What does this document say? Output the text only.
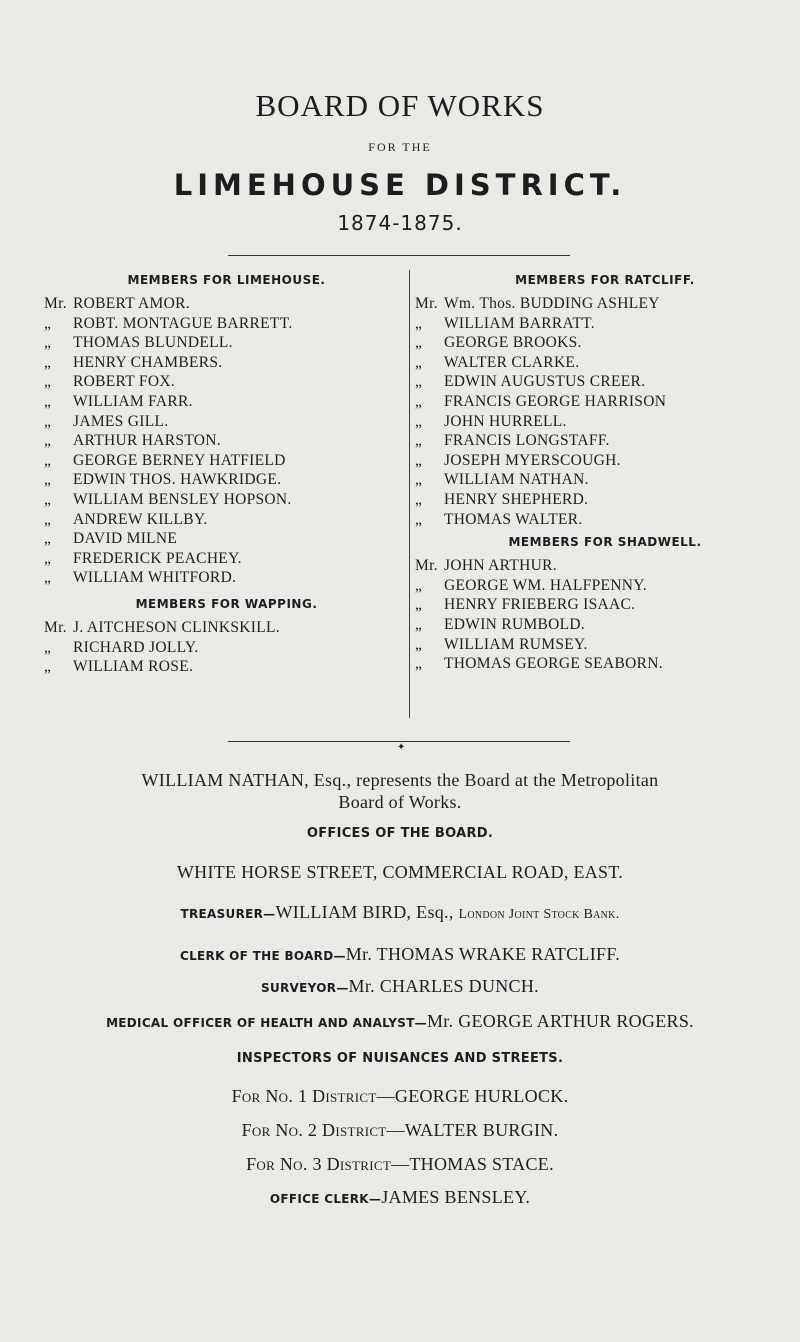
BOARD OF WORKS
FOR THE
LIMEHOUSE DISTRICT.
1874-1875.
MEMBERS FOR LIMEHOUSE.
Mr. ROBERT AMOR.
„ ROBT. MONTAGUE BARRETT.
„ THOMAS BLUNDELL.
„ HENRY CHAMBERS.
„ ROBERT FOX.
„ WILLIAM FARR.
„ JAMES GILL.
„ ARTHUR HARSTON.
„ GEORGE BERNEY HATFIELD
„ EDWIN THOS. HAWKRIDGE.
„ WILLIAM BENSLEY HOPSON.
„ ANDREW KILLBY.
„ DAVID MILNE
„ FREDERICK PEACHEY.
„ WILLIAM WHITFORD.
MEMBERS FOR WAPPING.
Mr. J. AITCHESON CLINKSKILL.
„ RICHARD JOLLY.
„ WILLIAM ROSE.
MEMBERS FOR RATCLIFF.
Mr. Wm. Thos. BUDDING ASHLEY
„ WILLIAM BARRATT.
„ GEORGE BROOKS.
„ WALTER CLARKE.
„ EDWIN AUGUSTUS CREER.
„ FRANCIS GEORGE HARRISON
„ JOHN HURRELL.
„ FRANCIS LONGSTAFF.
„ JOSEPH MYERSCOUGH.
„ WILLIAM NATHAN.
„ HENRY SHEPHERD.
„ THOMAS WALTER.
MEMBERS FOR SHADWELL.
Mr. JOHN ARTHUR.
„ GEORGE WM. HALFPENNY.
„ HENRY FRIEBERG ISAAC.
„ EDWIN RUMBOLD.
„ WILLIAM RUMSEY.
„ THOMAS GEORGE SEABORN.
✦
WILLIAM NATHAN, Esq., represents the Board at the Metropolitan
Board of Works.
OFFICES OF THE BOARD.
WHITE HORSE STREET, COMMERCIAL ROAD, EAST.
TREASURER—WILLIAM BIRD, Esq., London Joint Stock Bank.
CLERK OF THE BOARD—Mr. THOMAS WRAKE RATCLIFF.
SURVEYOR—Mr. CHARLES DUNCH.
MEDICAL OFFICER OF HEALTH AND ANALYST—Mr. GEORGE ARTHUR ROGERS.
INSPECTORS OF NUISANCES AND STREETS.
For No. 1 District—GEORGE HURLOCK.
For No. 2 District—WALTER BURGIN.
For No. 3 District—THOMAS STACE.
OFFICE CLERK—JAMES BENSLEY.
